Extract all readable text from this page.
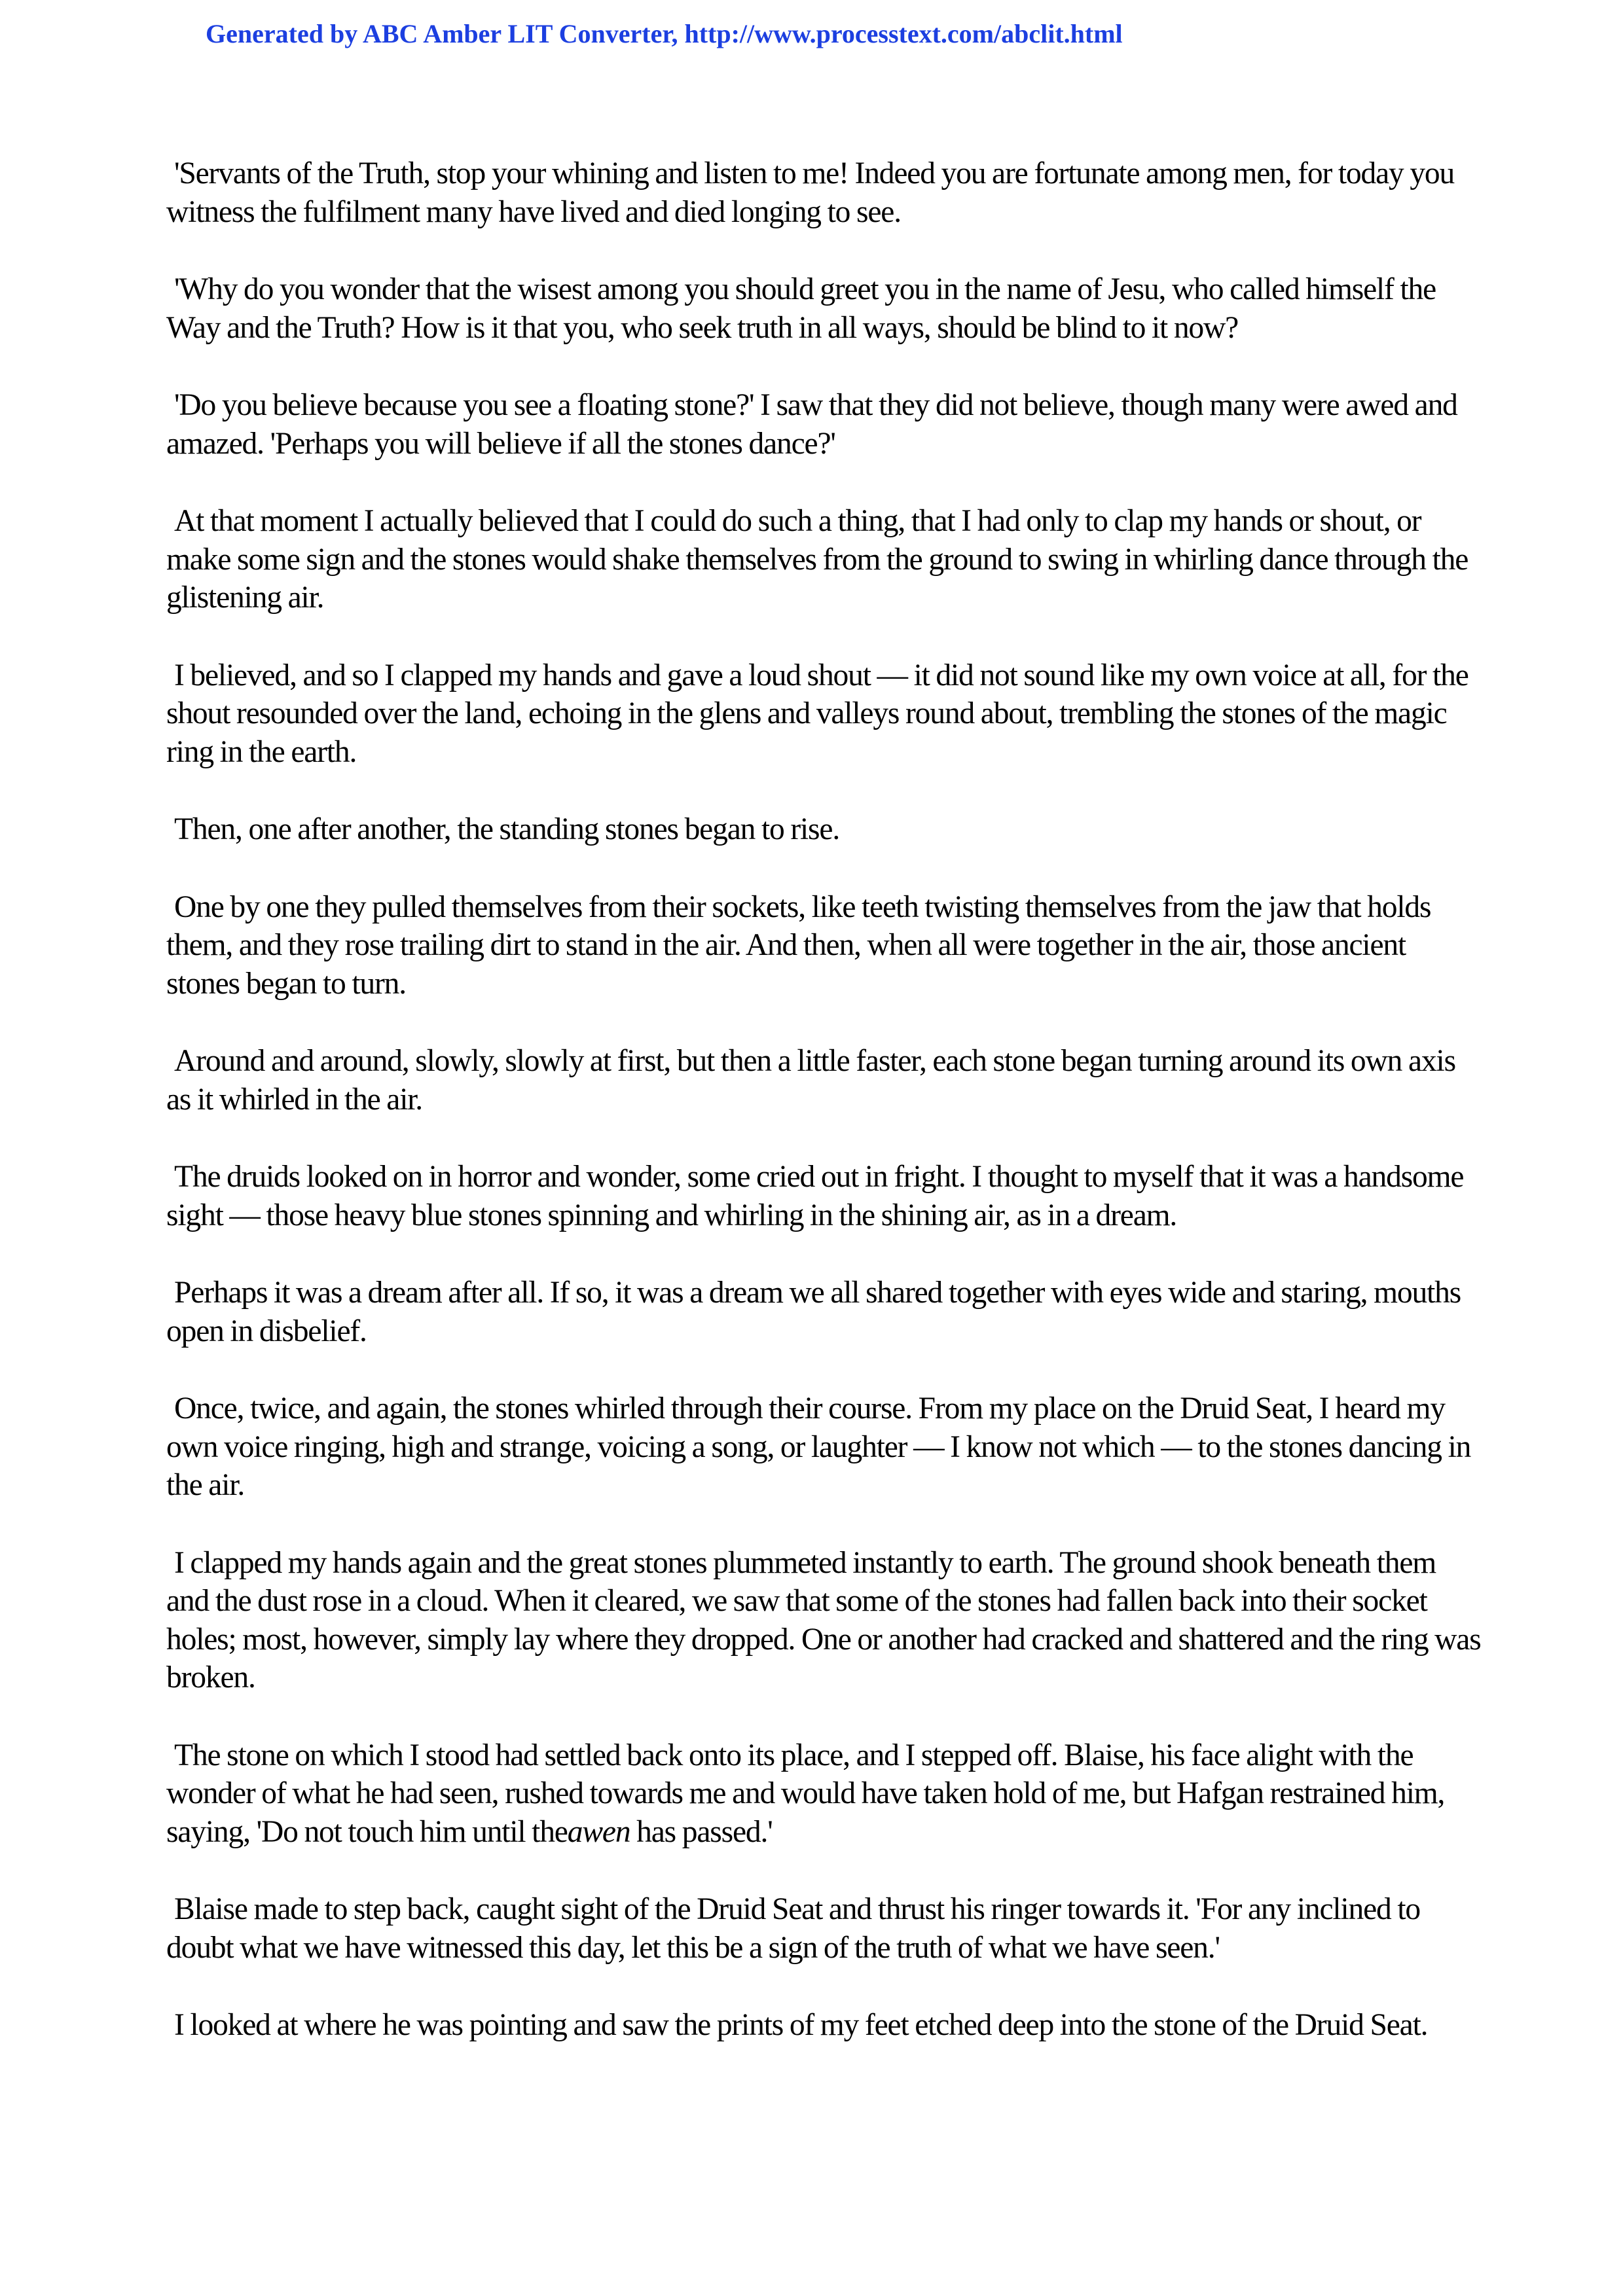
Generated by ABC Amber LIT Converter, http://www.processtext.com/abclit.html

'Servants of the Truth, stop your whining and listen to me! Indeed you are fortunate among men, for today you witness the fulfilment many have lived and died longing to see.

'Why do you wonder that the wisest among you should greet you in the name of Jesu, who called himself the Way and the Truth? How is it that you, who seek truth in all ways, should be blind to it now?

'Do you believe because you see a floating stone?' I saw that they did not believe, though many were awed and amazed. 'Perhaps you will believe if all the stones dance?'

At that moment I actually believed that I could do such a thing, that I had only to clap my hands or shout, or make some sign and the stones would shake themselves from the ground to swing in whirling dance through the glistening air.

I believed, and so I clapped my hands and gave a loud shout — it did not sound like my own voice at all, for the shout resounded over the land, echoing in the glens and valleys round about, trembling the stones of the magic ring in the earth.

Then, one after another, the standing stones began to rise.

One by one they pulled themselves from their sockets, like teeth twisting themselves from the jaw that holds them, and they rose trailing dirt to stand in the air. And then, when all were together in the air, those ancient stones began to turn.

Around and around, slowly, slowly at first, but then a little faster, each stone began turning around its own axis as it whirled in the air.

The druids looked on in horror and wonder, some cried out in fright. I thought to myself that it was a handsome sight — those heavy blue stones spinning and whirling in the shining air, as in a dream.

Perhaps it was a dream after all. If so, it was a dream we all shared together with eyes wide and staring, mouths open in disbelief.

Once, twice, and again, the stones whirled through their course. From my place on the Druid Seat, I heard my own voice ringing, high and strange, voicing a song, or laughter — I know not which — to the stones dancing in the air.

I clapped my hands again and the great stones plummeted instantly to earth. The ground shook beneath them and the dust rose in a cloud. When it cleared, we saw that some of the stones had fallen back into their socket holes; most, however, simply lay where they dropped. One or another had cracked and shattered and the ring was broken.

The stone on which I stood had settled back onto its place, and I stepped off. Blaise, his face alight with the wonder of what he had seen, rushed towards me and would have taken hold of me, but Hafgan restrained him, saying, 'Do not touch him until theawen has passed.'

Blaise made to step back, caught sight of the Druid Seat and thrust his ringer towards it. 'For any inclined to doubt what we have witnessed this day, let this be a sign of the truth of what we have seen.'

I looked at where he was pointing and saw the prints of my feet etched deep into the stone of the Druid Seat.
